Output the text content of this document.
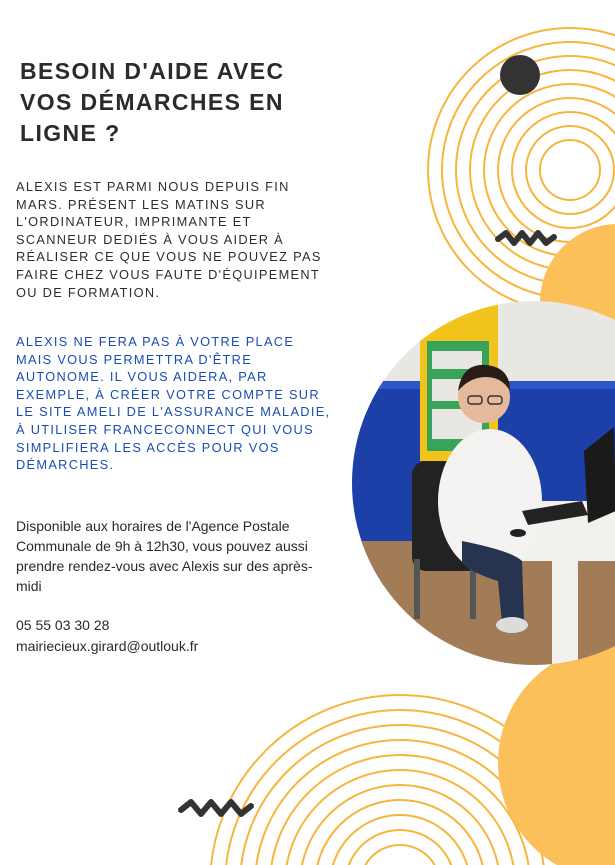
BESOIN D'AIDE AVEC VOS DÉMARCHES EN LIGNE ?
ALEXIS EST PARMI NOUS DEPUIS FIN MARS. PRÉSENT LES MATINS SUR L'ORDINATEUR, IMPRIMANTE ET SCANNEUR DEDIÉS À VOUS AIDER À RÉALISER CE QUE VOUS NE POUVEZ PAS FAIRE CHEZ VOUS FAUTE D'ÉQUIPEMENT OU DE FORMATION.
ALEXIS NE FERA PAS À VOTRE PLACE MAIS VOUS PERMETTRA D'ÊTRE AUTONOME. IL VOUS AIDERA, PAR EXEMPLE, À CRÉER VOTRE COMPTE SUR LE SITE AMELI DE L'ASSURANCE MALADIE, À UTILISER FRANCECONNECT QUI VOUS SIMPLIFIERA LES ACCÈS POUR VOS DÉMARCHES.
Disponible aux horaires de l'Agence Postale Communale de 9h à 12h30, vous pouvez aussi prendre rendez-vous avec Alexis sur des après-midi
05 55 03 30 28
mairiecieux.girard@outlouk.fr
